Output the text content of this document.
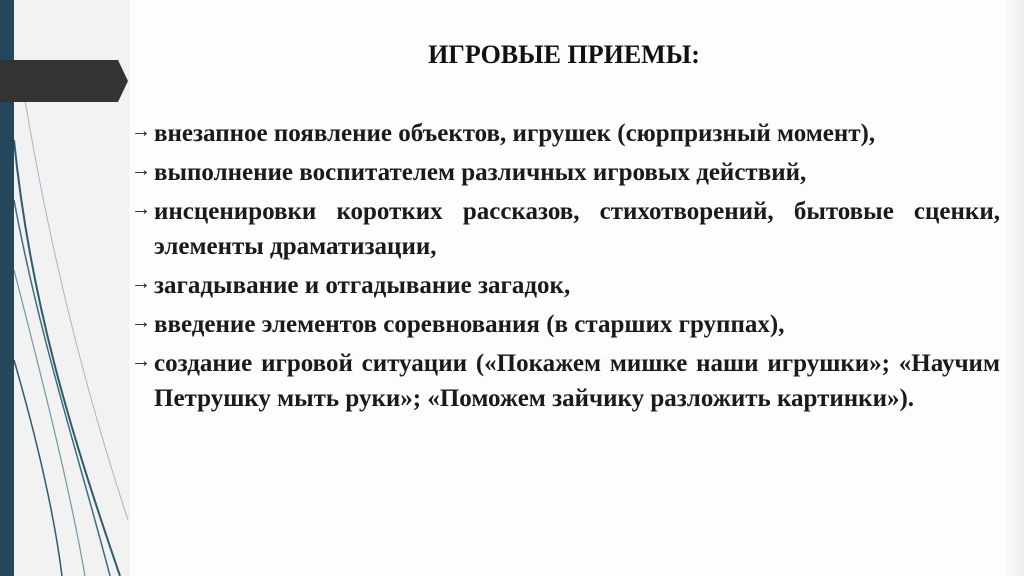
ИГРОВЫЕ ПРИЕМЫ:
→ внезапное появление объектов, игрушек (сюрпризный момент),
→ выполнение воспитателем различных игровых действий,
→ инсценировки коротких рассказов, стихотворений, бытовые сценки, элементы драматизации,
→ загадывание и отгадывание загадок,
→ введение элементов соревнования (в старших группах),
→ создание игровой ситуации («Покажем мишке наши игрушки»; «Научим Петрушку мыть руки»; «Поможем зайчику разложить картинки»).
